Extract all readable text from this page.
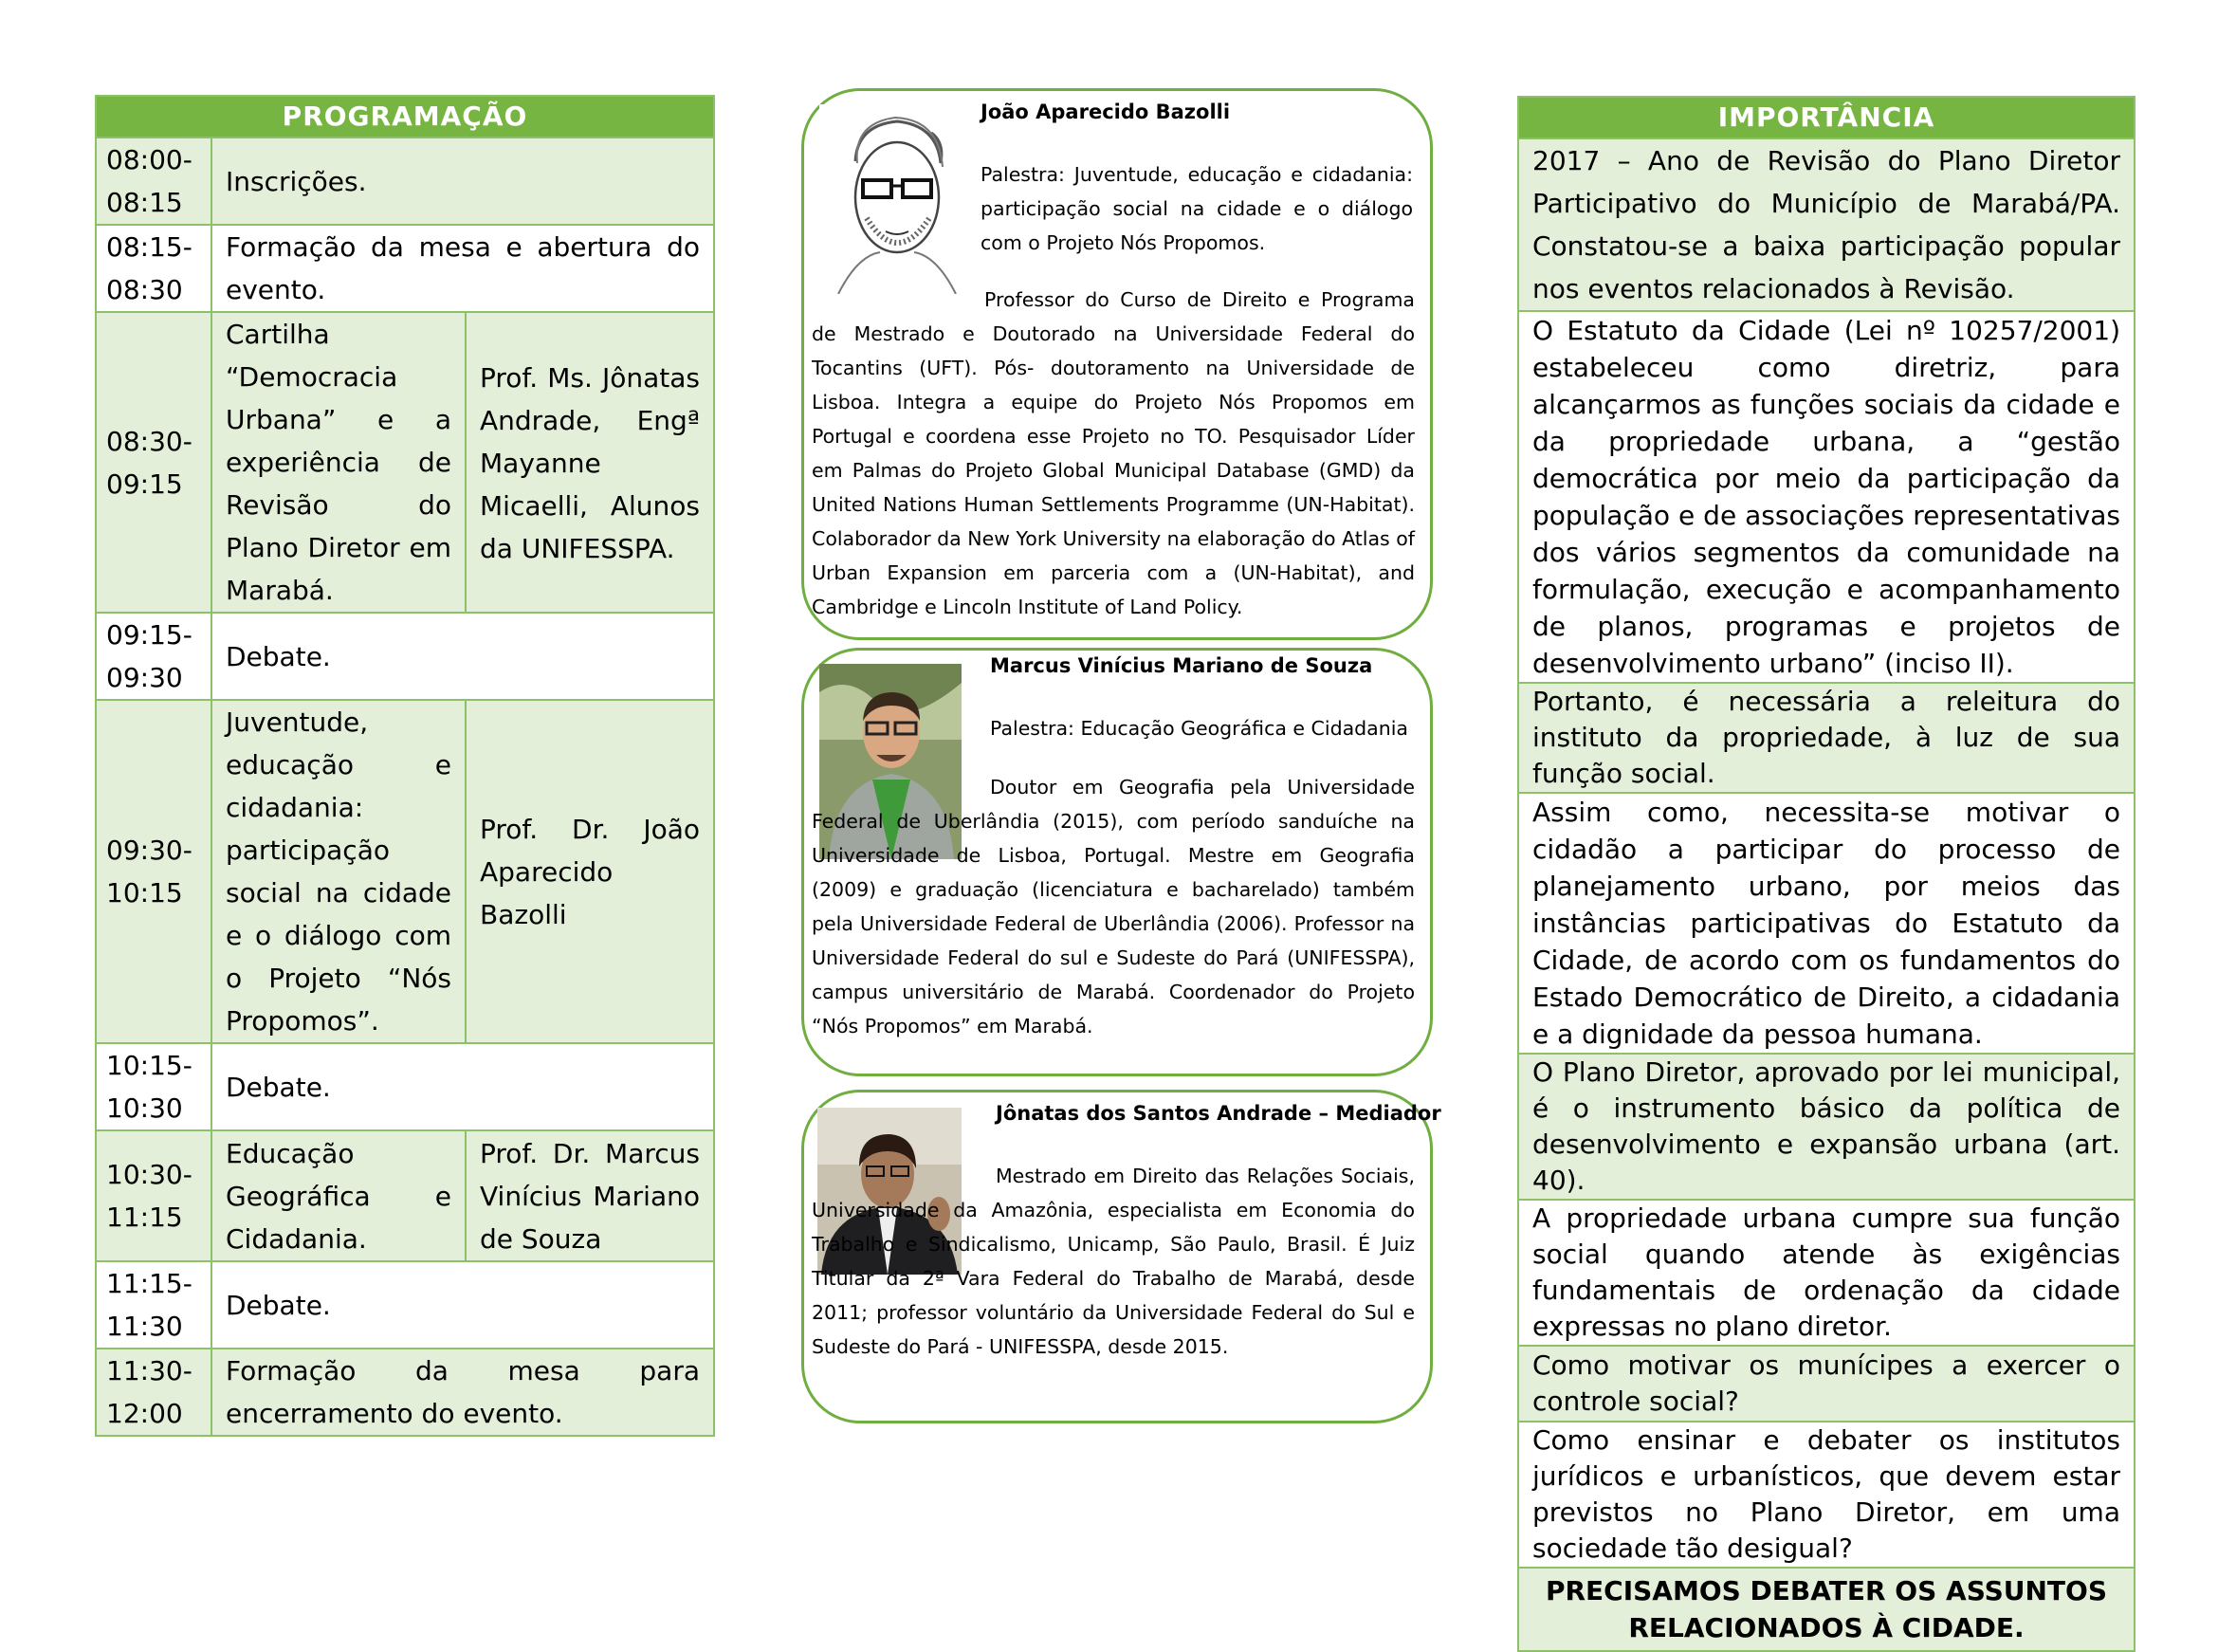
PROGRAMAÇÃO		
08:00-08:15	Inscrições.	
08:15-08:30	Formação da mesa e abertura do evento.	
08:30-09:15	Cartilha “Democracia Urbana” e a experiência de Revisão do Plano Diretor em Marabá.	Prof. Ms. Jônatas Andrade, Engª Mayanne Micaelli, Alunos da UNIFESSPA.
09:15-09:30	Debate.	
09:30-10:15	Juventude, educação e cidadania: participação social na cidade e o diálogo com o Projeto “Nós Propomos”.	Prof. Dr. João Aparecido Bazolli
10:15-10:30	Debate.	
10:30-11:15	Educação Geográfica e Cidadania.	Prof. Dr. Marcus Vinícius Mariano de Souza
11:15-11:30	Debate.	
11:30-12:00	Formação da mesa para encerramento do evento.	
João Aparecido Bazolli
Palestra: Juventude, educação e cidadania: participação social na cidade e o diálogo com o Projeto Nós Propomos.
Professor do Curso de Direito e Programa de Mestrado e Doutorado na Universidade Federal do Tocantins (UFT). Pós- doutoramento na Universidade de Lisboa. Integra a equipe do Projeto Nós Propomos em Portugal e coordena esse Projeto no TO. Pesquisador Líder em Palmas do Projeto Global Municipal Database (GMD) da United Nations Human Settlements Programme (UN-Habitat). Colaborador da New York University na elaboração do Atlas of Urban Expansion em parceria com a (UN-Habitat), and Cambridge e Lincoln Institute of Land Policy.
Marcus Vinícius Mariano de Souza
Palestra: Educação Geográfica e Cidadania
Doutor em Geografia pela Universidade Federal de Uberlândia (2015), com período sanduíche na Universidade de Lisboa, Portugal. Mestre em Geografia (2009) e graduação (licenciatura e bacharelado) também pela Universidade Federal de Uberlândia (2006). Professor na Universidade Federal do sul e Sudeste do Pará (UNIFESSPA), campus universitário de Marabá. Coordenador do Projeto “Nós Propomos” em Marabá.
Jônatas dos Santos Andrade – Mediador
Mestrado em Direito das Relações Sociais, Universidade da Amazônia, especialista em Economia do Trabalho e Sindicalismo, Unicamp, São Paulo, Brasil. É Juiz Titular da 2ª Vara Federal do Trabalho de Marabá, desde 2011; professor voluntário da Universidade Federal do Sul e Sudeste do Pará - UNIFESSPA, desde 2015.
IMPORTÂNCIA
2017 – Ano de Revisão do Plano Diretor Participativo do Município de Marabá/PA. Constatou-se a baixa participação popular nos eventos relacionados à Revisão.
O Estatuto da Cidade (Lei nº 10257/2001) estabeleceu como diretriz, para alcançarmos as funções sociais da cidade e da propriedade urbana, a “gestão democrática por meio da participação da população e de associações representativas dos vários segmentos da comunidade na formulação, execução e acompanhamento de planos, programas e projetos de desenvolvimento urbano” (inciso II).
Portanto, é necessária a releitura do instituto da propriedade, à luz de sua função social.
Assim como, necessita-se motivar o cidadão a participar do processo de planejamento urbano, por meios das instâncias participativas do Estatuto da Cidade, de acordo com os fundamentos do Estado Democrático de Direito, a cidadania e a dignidade da pessoa humana.
O Plano Diretor, aprovado por lei municipal, é o instrumento básico da política de desenvolvimento e expansão urbana (art. 40).
A propriedade urbana cumpre sua função social quando atende às exigências fundamentais de ordenação da cidade expressas no plano diretor.
Como motivar os munícipes a exercer o controle social?
Como ensinar e debater os institutos jurídicos e urbanísticos, que devem estar previstos no Plano Diretor, em uma sociedade tão desigual?
PRECISAMOS DEBATER OS ASSUNTOS RELACIONADOS À CIDADE.
